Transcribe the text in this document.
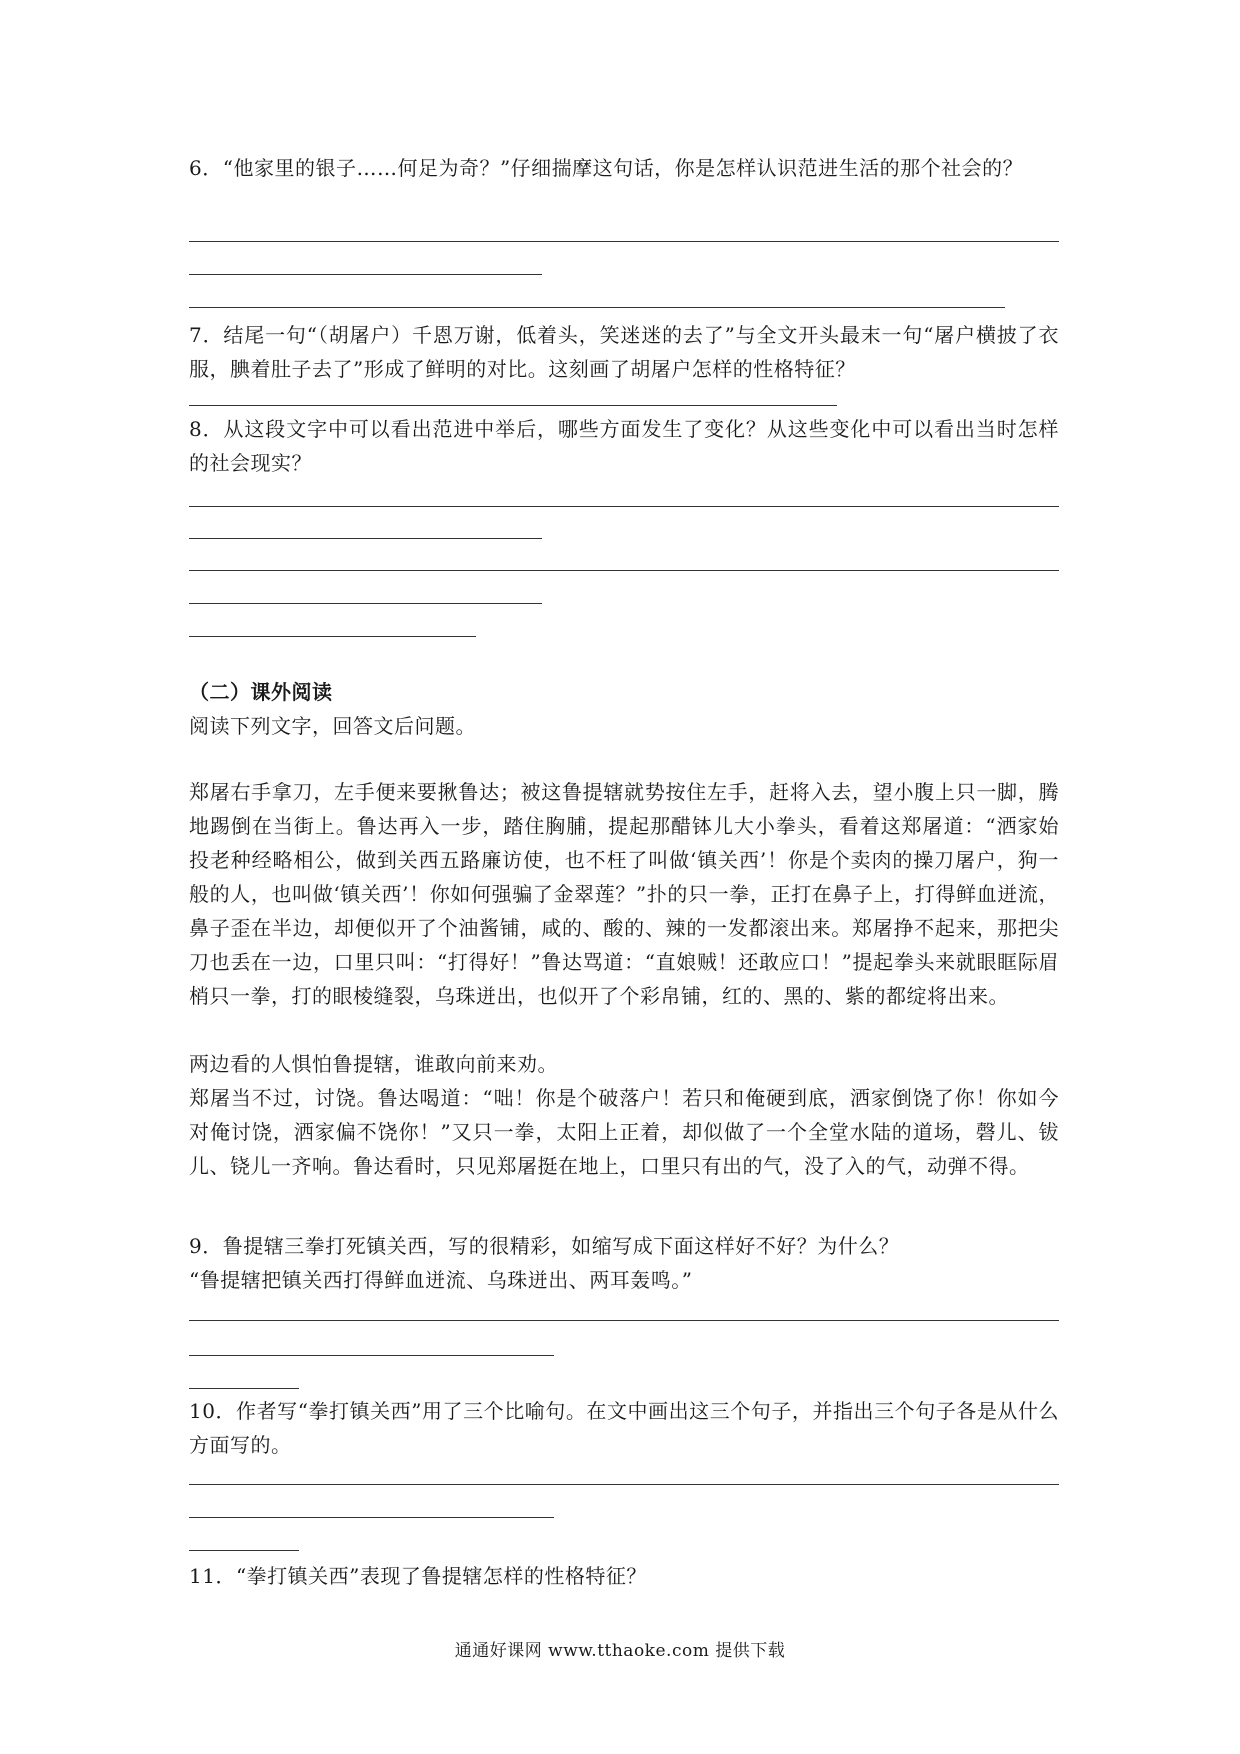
6．“他家里的银子……何足为奇？”仔细揣摩这句话，你是怎样认识范进生活的那个社会的？

7．结尾一句“（胡屠户）千恩万谢，低着头，笑迷迷的去了”与全文开头最末一句“屠户横披了衣服，腆着肚子去了”形成了鲜明的对比。这刻画了胡屠户怎样的性格特征？

8．从这段文字中可以看出范进中举后，哪些方面发生了变化？从这些变化中可以看出当时怎样的社会现实？

（二）课外阅读

阅读下列文字，回答文后问题。

郑屠右手拿刀，左手便来要揪鲁达；被这鲁提辖就势按住左手，赶将入去，望小腹上只一脚，腾地踢倒在当街上。鲁达再入一步，踏住胸脯，提起那醋钵儿大小拳头，看着这郑屠道：“洒家始投老种经略相公，做到关西五路廉访使，也不枉了叫做‘镇关西’！你是个卖肉的操刀屠户，狗一般的人，也叫做‘镇关西’！你如何强骗了金翠莲？”扑的只一拳，正打在鼻子上，打得鲜血迸流，鼻子歪在半边，却便似开了个油酱铺，咸的、酸的、辣的一发都滚出来。郑屠挣不起来，那把尖刀也丢在一边，口里只叫：“打得好！”鲁达骂道：“直娘贼！还敢应口！”提起拳头来就眼眶际眉梢只一拳，打的眼棱缝裂，乌珠迸出，也似开了个彩帛铺，红的、黑的、紫的都绽将出来。

两边看的人惧怕鲁提辖，谁敢向前来劝。

郑屠当不过，讨饶。鲁达喝道：“咄！你是个破落户！若只和俺硬到底，洒家倒饶了你！你如今对俺讨饶，洒家偏不饶你！”又只一拳，太阳上正着，却似做了一个全堂水陆的道场，磬儿、钹儿、铙儿一齐响。鲁达看时，只见郑屠挺在地上，口里只有出的气，没了入的气，动弹不得。

9．鲁提辖三拳打死镇关西，写的很精彩，如缩写成下面这样好不好？为什么？

“鲁提辖把镇关西打得鲜血迸流、乌珠迸出、两耳轰鸣。”

10．作者写“拳打镇关西”用了三个比喻句。在文中画出这三个句子，并指出三个句子各是从什么方面写的。

11．“拳打镇关西”表现了鲁提辖怎样的性格特征？

通通好课网 www.tthaoke.com 提供下载
